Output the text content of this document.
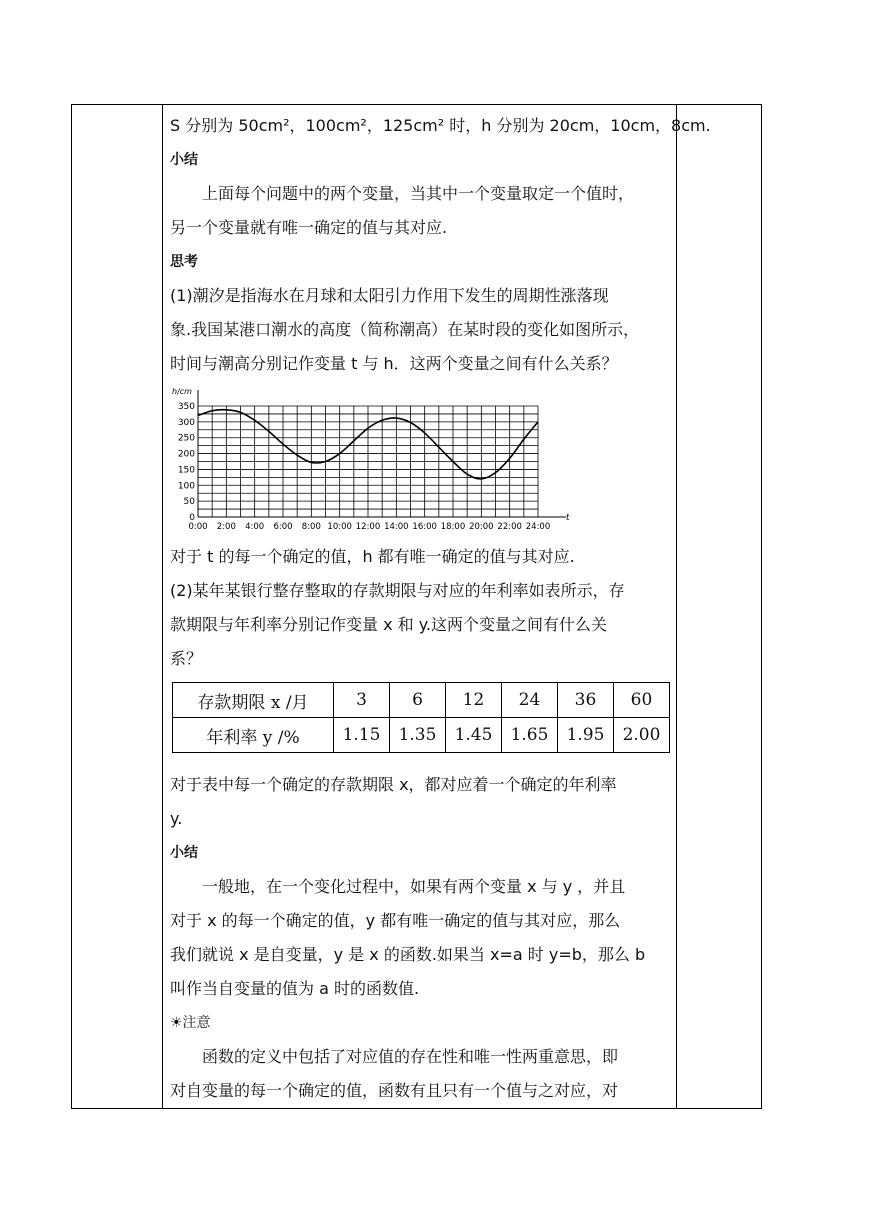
S 分别为 50cm²，100cm²，125cm² 时，h 分别为 20cm，10cm，8cm.

小结

上面每个问题中的两个变量，当其中一个变量取定一个值时，

另一个变量就有唯一确定的值与其对应.

思考

(1)潮汐是指海水在月球和太阳引力作用下发生的周期性涨落现

象.我国某港口潮水的高度（简称潮高）在某时段的变化如图所示，

时间与潮高分别记作变量 t 与 h．这两个变量之间有什么关系？

0
50
100
150
200
250
300
350
0:00 2:00 4:00 6:00 8:00 10:00 12:00 14:00 16:00 18:00 20:00 22:00 24:00
h/cm
t

对于 t 的每一个确定的值，h 都有唯一确定的值与其对应.

(2)某年某银行整存整取的存款期限与对应的年利率如表所示，存

款期限与年利率分别记作变量 x 和 y.这两个变量之间有什么关

系？

存款期限 x /月	3	6	12	24	36	60
年利率 y /%	1.15	1.35	1.45	1.65	1.95	2.00

对于表中每一个确定的存款期限 x，都对应着一个确定的年利率

y.

小结

一般地，在一个变化过程中，如果有两个变量 x 与 y ，并且

对于 x 的每一个确定的值，y 都有唯一确定的值与其对应，那么

我们就说 x 是自变量，y 是 x 的函数.如果当 x=a 时 y=b，那么 b

叫作当自变量的值为 a 时的函数值.

☀注意

函数的定义中包括了对应值的存在性和唯一性两重意思，即

对自变量的每一个确定的值，函数有且只有一个值与之对应，对
